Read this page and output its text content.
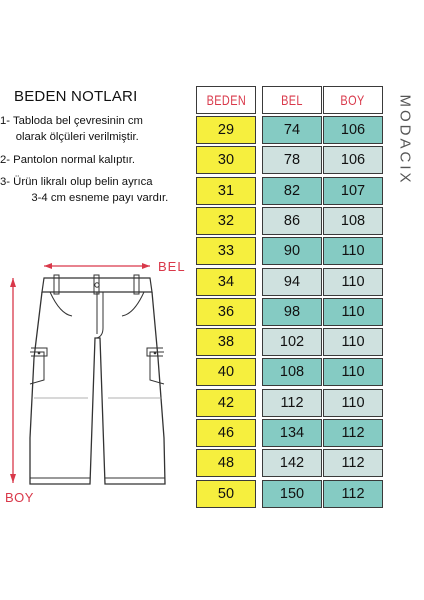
BEDEN NOTLARI
1- Tabloda bel çevresinin cm
olarak ölçüleri verilmiştir.
2- Pantolon normal kalıptır.
3- Ürün likralı olup belin ayrıca
3-4 cm esneme payı vardır.
BEL
BOY
BEDEN	BEL	BOY
29	74	106
30	78	106
31	82	107
32	86	108
33	90	110
34	94	110
36	98	110
38	102	110
40	108	110
42	112	110
46	134	112
48	142	112
50	150	112
MODACIX
